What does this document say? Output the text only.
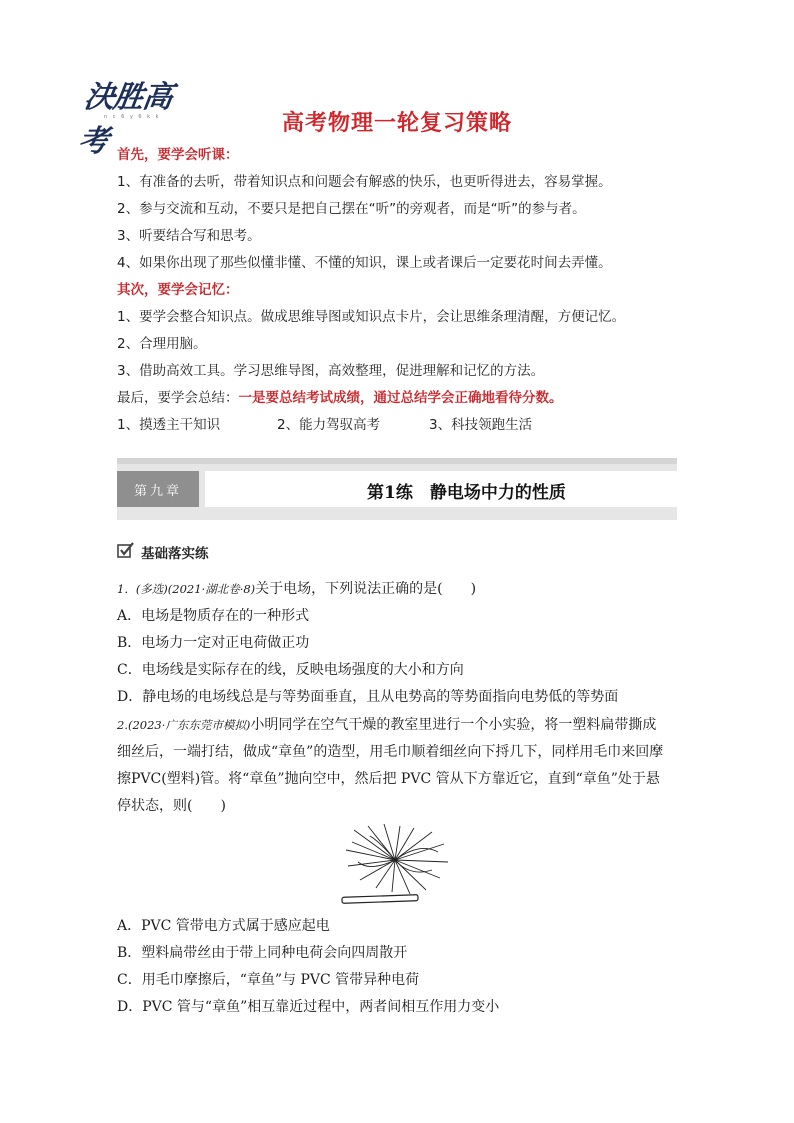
決胜高考
n c 6 y 6 k k	高考物理一轮复习策略
首先，要学会听课：
1、有准备的去听，带着知识点和问题会有解惑的快乐，也更听得进去，容易掌握。
2、参与交流和互动，不要只是把自己摆在“听”的旁观者，而是“听”的参与者。
3、听要结合写和思考。
4、如果你出现了那些似懂非懂、不懂的知识，课上或者课后一定要花时间去弄懂。
其次，要学会记忆：
1、要学会整合知识点。做成思维导图或知识点卡片，会让思维条理清醒，方便记忆。
2、合理用脑。
3、借助高效工具。学习思维导图，高效整理，促进理解和记忆的方法。
最后，要学会总结：一是要总结考试成绩，通过总结学会正确地看待分数。
1、摸透主干知识	2、能力驾驭高考	3、科技领跑生活
第九章	第1练　静电场中力的性质
基础落实练
1．(多选)(2021·湖北卷·8)关于电场，下列说法正确的是(　　)
A．电场是物质存在的一种形式
B．电场力一定对正电荷做正功
C．电场线是实际存在的线，反映电场强度的大小和方向
D．静电场的电场线总是与等势面垂直，且从电势高的等势面指向电势低的等势面
2.(2023·广东东莞市模拟)小明同学在空气干燥的教室里进行一个小实验，将一塑料扁带撕成
细丝后，一端打结，做成“章鱼”的造型，用毛巾顺着细丝向下捋几下，同样用毛巾来回摩
擦PVC(塑料)管。将“章鱼”抛向空中，然后把 PVC 管从下方靠近它，直到“章鱼”处于悬
停状态，则(　　)
A．PVC 管带电方式属于感应起电
B．塑料扁带丝由于带上同种电荷会向四周散开
C．用毛巾摩擦后，“章鱼”与 PVC 管带异种电荷
D．PVC 管与“章鱼”相互靠近过程中，两者间相互作用力变小
